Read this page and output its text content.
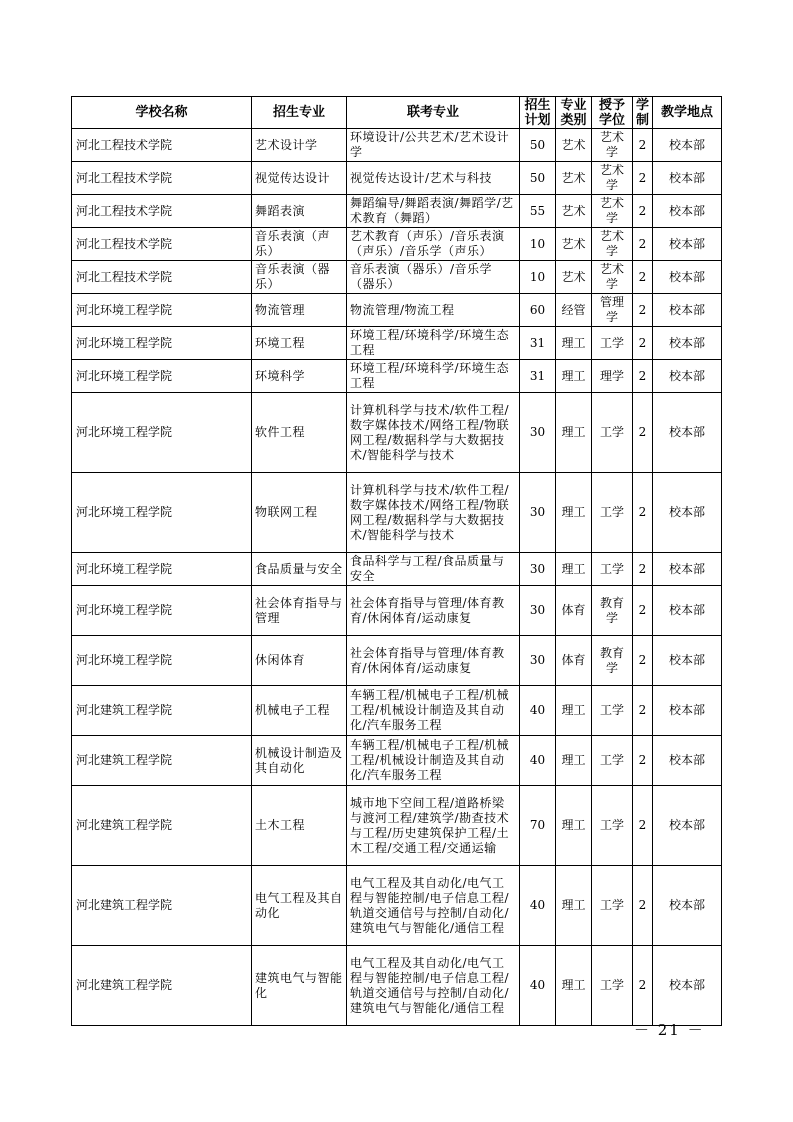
学校名称	招生专业	联考专业	招生计划	专业类别	授予学位	学制	教学地点
河北工程技术学院	艺术设计学	环境设计/公共艺术/艺术设计学	50	艺术	艺术学	2	校本部
河北工程技术学院	视觉传达设计	视觉传达设计/艺术与科技	50	艺术	艺术学	2	校本部
河北工程技术学院	舞蹈表演	舞蹈编导/舞蹈表演/舞蹈学/艺术教育（舞蹈）	55	艺术	艺术学	2	校本部
河北工程技术学院	音乐表演（声乐）	艺术教育（声乐）/音乐表演（声乐）/音乐学（声乐）	10	艺术	艺术学	2	校本部
河北工程技术学院	音乐表演（器乐）	音乐表演（器乐）/音乐学（器乐）	10	艺术	艺术学	2	校本部
河北环境工程学院	物流管理	物流管理/物流工程	60	经管	管理学	2	校本部
河北环境工程学院	环境工程	环境工程/环境科学/环境生态工程	31	理工	工学	2	校本部
河北环境工程学院	环境科学	环境工程/环境科学/环境生态工程	31	理工	理学	2	校本部
河北环境工程学院	软件工程	计算机科学与技术/软件工程/数字媒体技术/网络工程/物联网工程/数据科学与大数据技术/智能科学与技术	30	理工	工学	2	校本部
河北环境工程学院	物联网工程	计算机科学与技术/软件工程/数字媒体技术/网络工程/物联网工程/数据科学与大数据技术/智能科学与技术	30	理工	工学	2	校本部
河北环境工程学院	食品质量与安全	食品科学与工程/食品质量与安全	30	理工	工学	2	校本部
河北环境工程学院	社会体育指导与管理	社会体育指导与管理/体育教育/休闲体育/运动康复	30	体育	教育学	2	校本部
河北环境工程学院	休闲体育	社会体育指导与管理/体育教育/休闲体育/运动康复	30	体育	教育学	2	校本部
河北建筑工程学院	机械电子工程	车辆工程/机械电子工程/机械工程/机械设计制造及其自动化/汽车服务工程	40	理工	工学	2	校本部
河北建筑工程学院	机械设计制造及其自动化	车辆工程/机械电子工程/机械工程/机械设计制造及其自动化/汽车服务工程	40	理工	工学	2	校本部
河北建筑工程学院	土木工程	城市地下空间工程/道路桥梁与渡河工程/建筑学/勘查技术与工程/历史建筑保护工程/土木工程/交通工程/交通运输	70	理工	工学	2	校本部
河北建筑工程学院	电气工程及其自动化	电气工程及其自动化/电气工程与智能控制/电子信息工程/轨道交通信号与控制/自动化/建筑电气与智能化/通信工程	40	理工	工学	2	校本部
河北建筑工程学院	建筑电气与智能化	电气工程及其自动化/电气工程与智能控制/电子信息工程/轨道交通信号与控制/自动化/建筑电气与智能化/通信工程	40	理工	工学	2	校本部
－ 21 －
